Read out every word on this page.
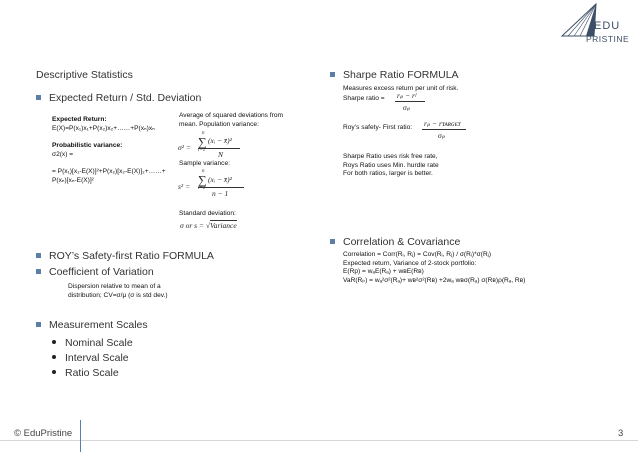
EDU
PRISTINE
Descriptive Statistics
Expected Return / Std. Deviation
Expected Return:
E(X)=P(x₁)x₁+P(x₂)x₂+……+P(xₙ)xₙ
Probabilistic variance:
σ2(x) =
= P(x₁)[x₁-E(X)]²+P(x₂)[x₂-E(X)]₂+……+
P(xₙ)[xₙ-E(X)]²
Average of squared deviations from
mean. Population variance:
σ² =
n
∑
i=1
(xᵢ − x̄)²
N
Sample variance:
s² =
n
∑
i=1
(xᵢ − x̄)²
n − 1
Standard deviation:
σ or s = √Variance
ROY’s Safety-first Ratio FORMULA
Coefficient of Variation
Dispersion relative to mean of a
distribution; CV=σ/μ (σ is std dev.)
Measurement Scales
Nominal Scale
Interval Scale
Ratio Scale
Sharpe Ratio FORMULA
Measures excess return per unit of risk.
Sharpe ratio = rₚ − rᶠ
σₚ
Roy’s safety- First ratio: rₚ − rᴛᴀʀɢᴇᴛ
σₚ
Sharpe Ratio uses risk free rate,
Roys Ratio uses Min. hurdle rate
For both ratios, larger is better.
Correlation & Covariance
Correlation = Corr(Rᵢ, Rⱼ) = Cov(Rᵢ, Rⱼ) / σ(Rᵢ)*σ(Rⱼ)
Expected return, Variance of 2-stock portfolio:
E(Rp) = wₐE(Rₐ) + wʙE(Rʙ)
VaR(Rₚ) = wₐ²σ²(Rₐ)+ wʙ²σ²(Rʙ) +2wₐ wʙσ(Rₐ) σ(Rʙ)ρ(Rₐ, Rʙ)
© EduPristine	3
